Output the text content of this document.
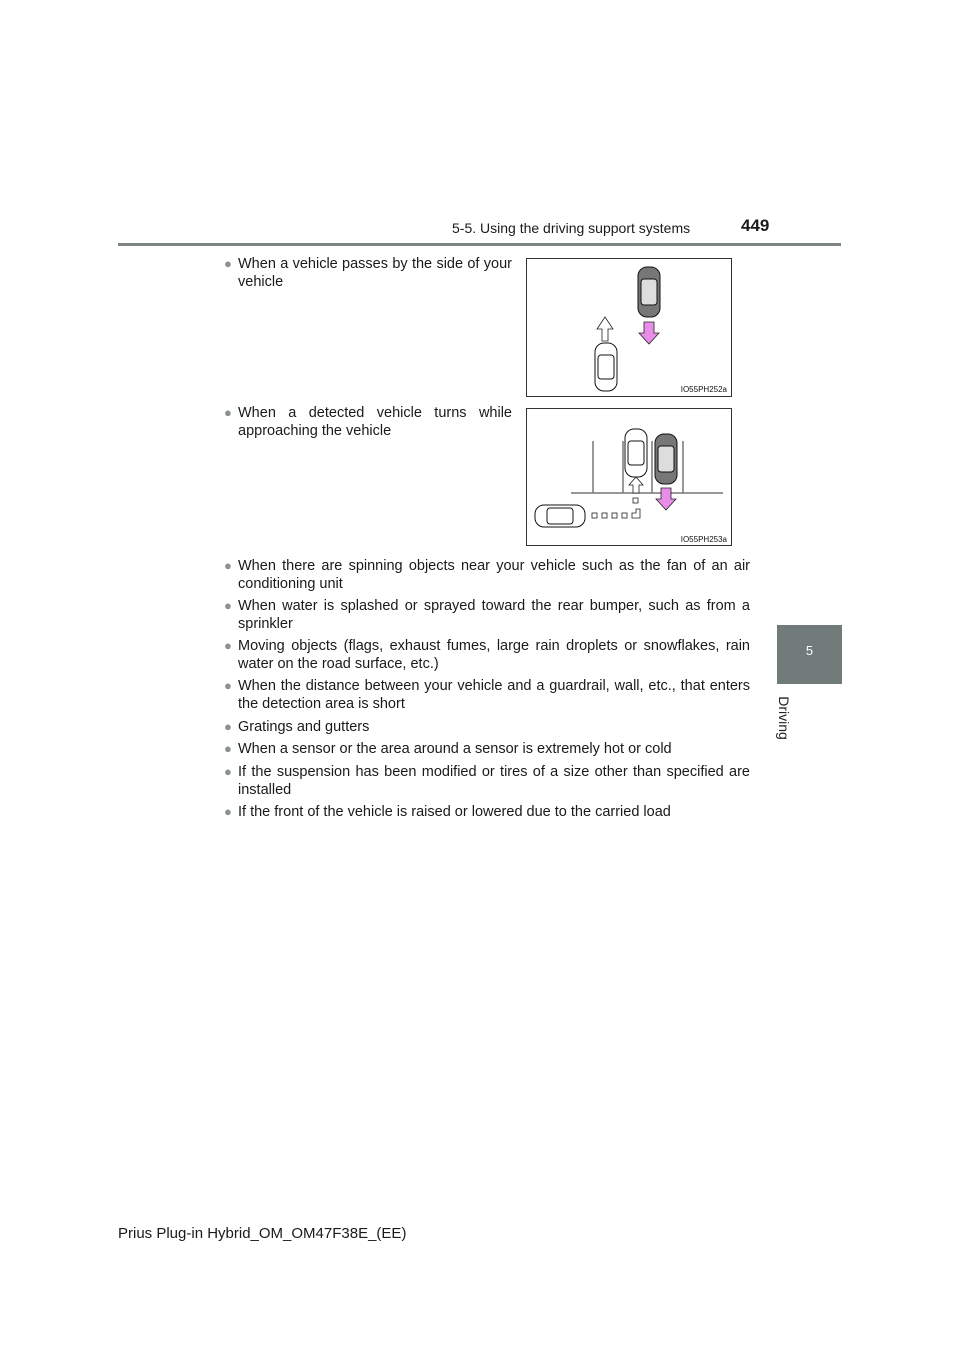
5-5. Using the driving support systems	449
5
Driving
● When a vehicle passes by the side of your vehicle
● When a detected vehicle turns while approaching the vehicle
IO55PH252a
IO55PH253a
● When there are spinning objects near your vehicle such as the fan of an air conditioning unit
● When water is splashed or sprayed toward the rear bumper, such as from a sprinkler
● Moving objects (flags, exhaust fumes, large rain droplets or snowflakes, rain water on the road surface, etc.)
● When the distance between your vehicle and a guardrail, wall, etc., that enters the detection area is short
● Gratings and gutters
● When a sensor or the area around a sensor is extremely hot or cold
● If the suspension has been modified or tires of a size other than specified are installed
● If the front of the vehicle is raised or lowered due to the carried load
Prius Plug-in Hybrid_OM_OM47F38E_(EE)
